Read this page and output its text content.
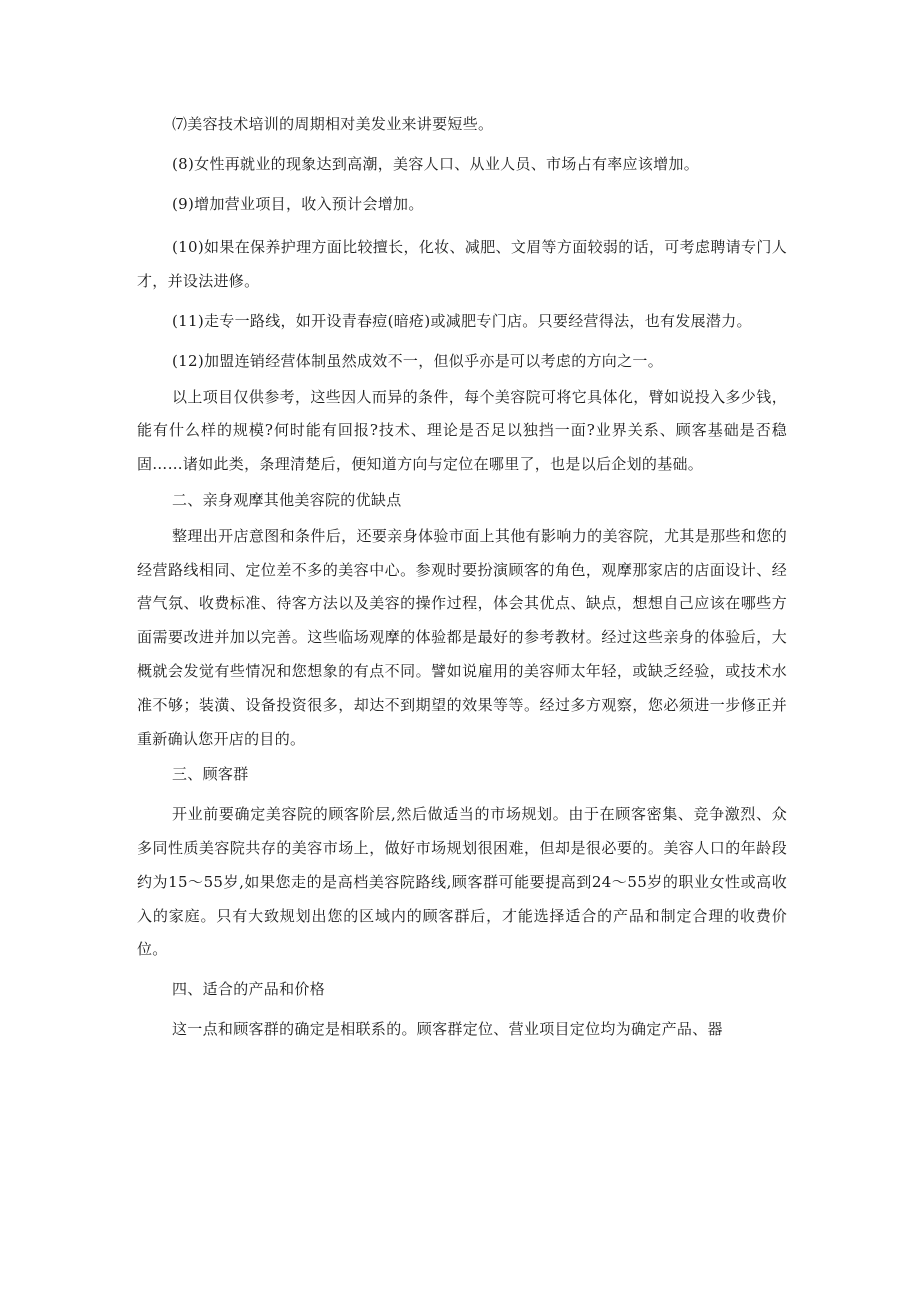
⑺美容技术培训的周期相对美发业来讲要短些。

(8)女性再就业的现象达到高潮，美容人口、从业人员、市场占有率应该增加。

(9)增加营业项目，收入预计会增加。

(10)如果在保养护理方面比较擅长，化妆、减肥、文眉等方面较弱的话，可考虑聘请专门人才，并设法进修。

(11)走专一路线，如开设青春痘(暗疮)或减肥专门店。只要经营得法，也有发展潜力。

(12)加盟连销经营体制虽然成效不一，但似乎亦是可以考虑的方向之一。

以上项目仅供参考，这些因人而异的条件，每个美容院可将它具体化，臂如说投入多少钱，能有什么样的规模?何时能有回报?技术、理论是否足以独挡一面?业界关系、顾客基础是否稳固……诸如此类，条理清楚后，便知道方向与定位在哪里了，也是以后企划的基础。

二、亲身观摩其他美容院的优缺点

整理出开店意图和条件后，还要亲身体验市面上其他有影响力的美容院，尤其是那些和您的经营路线相同、定位差不多的美容中心。参观时要扮演顾客的角色，观摩那家店的店面设计、经营气氛、收费标准、待客方法以及美容的操作过程，体会其优点、缺点，想想自己应该在哪些方面需要改进并加以完善。这些临场观摩的体验都是最好的参考教材。经过这些亲身的体验后，大概就会发觉有些情况和您想象的有点不同。譬如说雇用的美容师太年轻，或缺乏经验，或技术水准不够；装潢、设备投资很多，却达不到期望的效果等等。经过多方观察，您必须进一步修正并重新确认您开店的目的。

三、顾客群

开业前要确定美容院的顾客阶层,然后做适当的市场规划。由于在顾客密集、竞争激烈、众多同性质美容院共存的美容市场上，做好市场规划很困难，但却是很必要的。美容人口的年龄段约为15～55岁,如果您走的是高档美容院路线,顾客群可能要提高到24～55岁的职业女性或高收入的家庭。只有大致规划出您的区域内的顾客群后，才能选择适合的产品和制定合理的收费价位。

四、适合的产品和价格

这一点和顾客群的确定是相联系的。顾客群定位、营业项目定位均为确定产品、器
